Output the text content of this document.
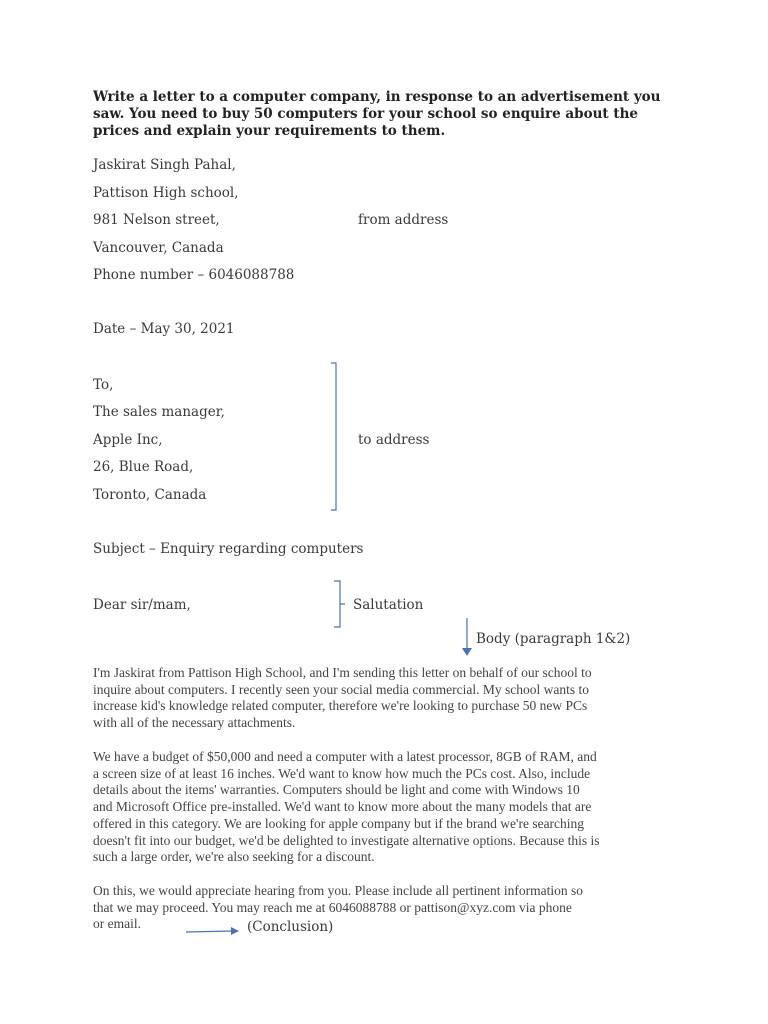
Write a letter to a computer company, in response to an advertisement you saw. You need to buy 50 computers for your school so enquire about the prices and explain your requirements to them.
Jaskirat Singh Pahal,
Pattison High school,
981 Nelson street,
Vancouver, Canada
Phone number – 6046088788
from address
Date – May 30, 2021
To,
The sales manager,
Apple Inc,
26, Blue Road,
Toronto, Canada
to address
Subject – Enquiry regarding computers
Dear sir/mam,	Salutation
Body (paragraph 1&2)
I'm Jaskirat from Pattison High School, and I'm sending this letter on behalf of our school to
inquire about computers. I recently seen your social media commercial. My school wants to
increase kid's knowledge related computer, therefore we're looking to purchase 50 new PCs
with all of the necessary attachments.
We have a budget of $50,000 and need a computer with a latest processor, 8GB of RAM, and
a screen size of at least 16 inches. We'd want to know how much the PCs cost. Also, include
details about the items' warranties. Computers should be light and come with Windows 10
and Microsoft Office pre-installed. We'd want to know more about the many models that are
offered in this category. We are looking for apple company but if the brand we're searching
doesn't fit into our budget, we'd be delighted to investigate alternative options. Because this is
such a large order, we're also seeking for a discount.
On this, we would appreciate hearing from you. Please include all pertinent information so
that we may proceed. You may reach me at 6046088788 or pattison@xyz.com via phone
or email.	(Conclusion)
